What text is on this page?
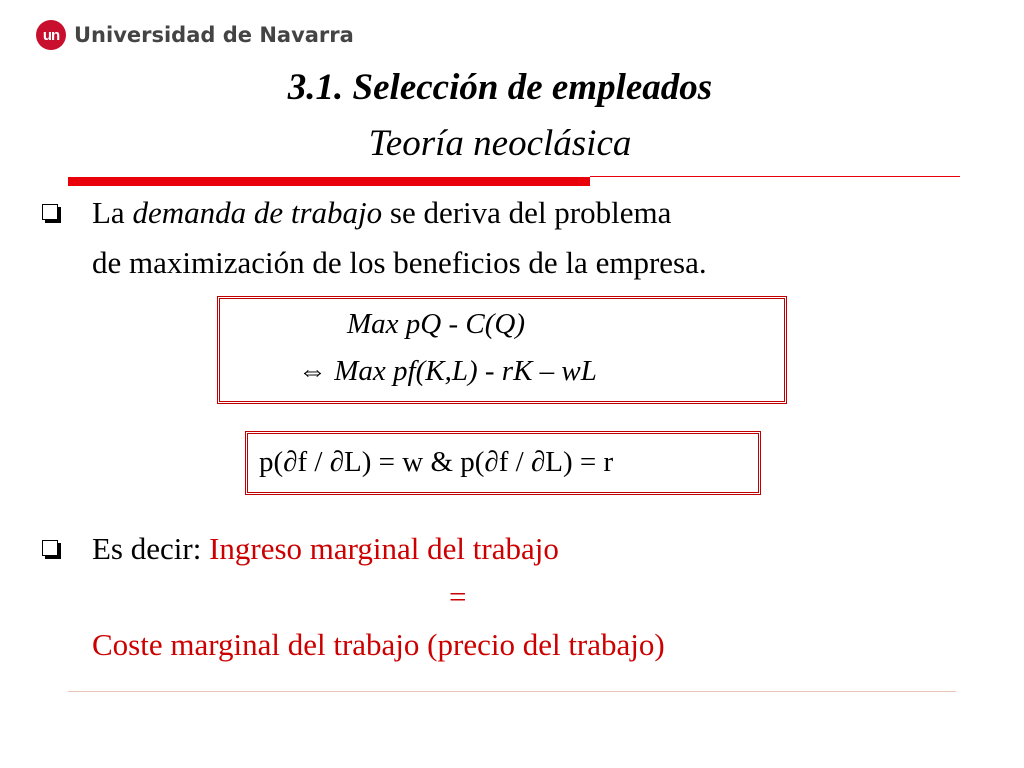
un Universidad de Navarra
3.1. Selección de empleados
Teoría neoclásica
La demanda de trabajo se deriva del problema
de maximización de los beneficios de la empresa.
Max pQ - C(Q)
⇔ Max pf(K,L) - rK – wL
p(∂f / ∂L) = w & p(∂f / ∂L) = r
Es decir: Ingreso marginal del trabajo
=
Coste marginal del trabajo (precio del trabajo)
